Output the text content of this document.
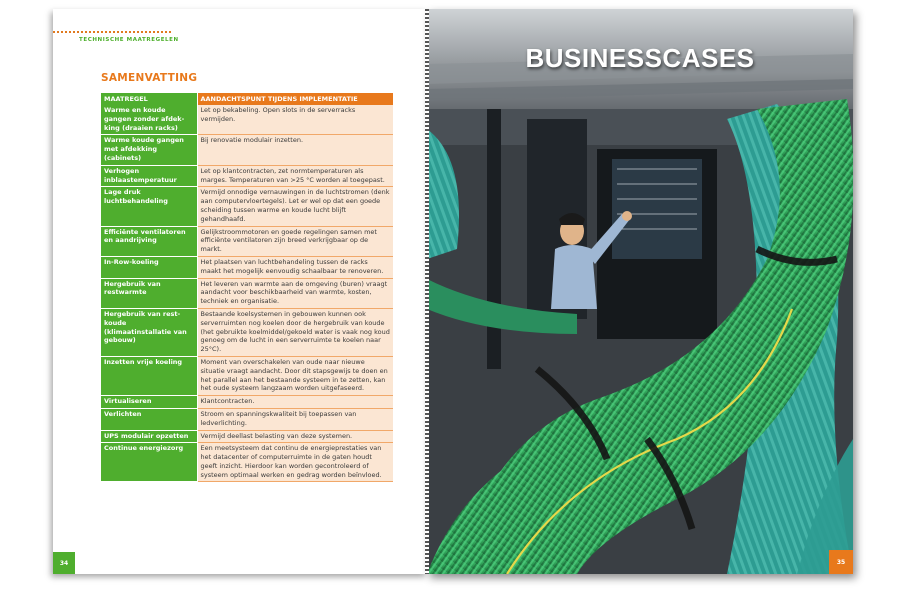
TECHNISCHE MAATREGELEN
SAMENVATTING
MAATREGEL	AANDACHTSPUNT TIJDENS IMPLEMENTATIE
Warme en koude gangen zonder afdek-king (draaien racks)	Let op bekabeling. Open slots in de serverracks vermijden.
Warme koude gangen met afdekking (cabinets)	Bij renovatie modulair inzetten.
Verhogen inblaastemperatuur	Let op klantcontracten, zet normtemperaturen als marges. Temperaturen van >25 °C worden al toegepast.
Lage druk luchtbehandeling	Vermijd onnodige vernauwingen in de luchtstromen (denk aan computervloertegels). Let er wel op dat een goede scheiding tussen warme en koude lucht blijft gehandhaafd.
Efficiënte ventilatoren en aandrijving	Gelijkstroommotoren en goede regelingen samen met efficiënte ventilatoren zijn breed verkrijgbaar op de markt.
In-Row-koeling	Het plaatsen van luchtbehandeling tussen de racks maakt het mogelijk eenvoudig schaalbaar te renoveren.
Hergebruik van restwarmte	Het leveren van warmte aan de omgeving (buren) vraagt aandacht voor beschikbaarheid van warmte, kosten, techniek en organisatie.
Hergebruik van rest-koude (klimaatinstallatie van gebouw)	Bestaande koelsystemen in gebouwen kunnen ook serverruimten nog koelen door de hergebruik van koude (het gebruikte koelmiddel/gekoeld water is vaak nog koud genoeg om de lucht in een serverruimte te koelen naar 25°C).
Inzetten vrije koeling	Moment van overschakelen van oude naar nieuwe situatie vraagt aandacht. Door dit stapsgewijs te doen en het parallel aan het bestaande systeem in te zetten, kan het oude systeem langzaam worden uitgefaseerd.
Virtualiseren	Klantcontracten.
Verlichten	Stroom en spanningskwaliteit bij toepassen van ledverlichting.
UPS modulair opzetten	Vermijd deellast belasting van deze systemen.
Continue energiezorg	Een meetsysteem dat continu de energieprestaties van het datacenter of computerruimte in de gaten houdt geeft inzicht. Hierdoor kan worden gecontroleerd of systeem optimaal werken en gedrag worden beïnvloed.
34
BUSINESSCASES
35
